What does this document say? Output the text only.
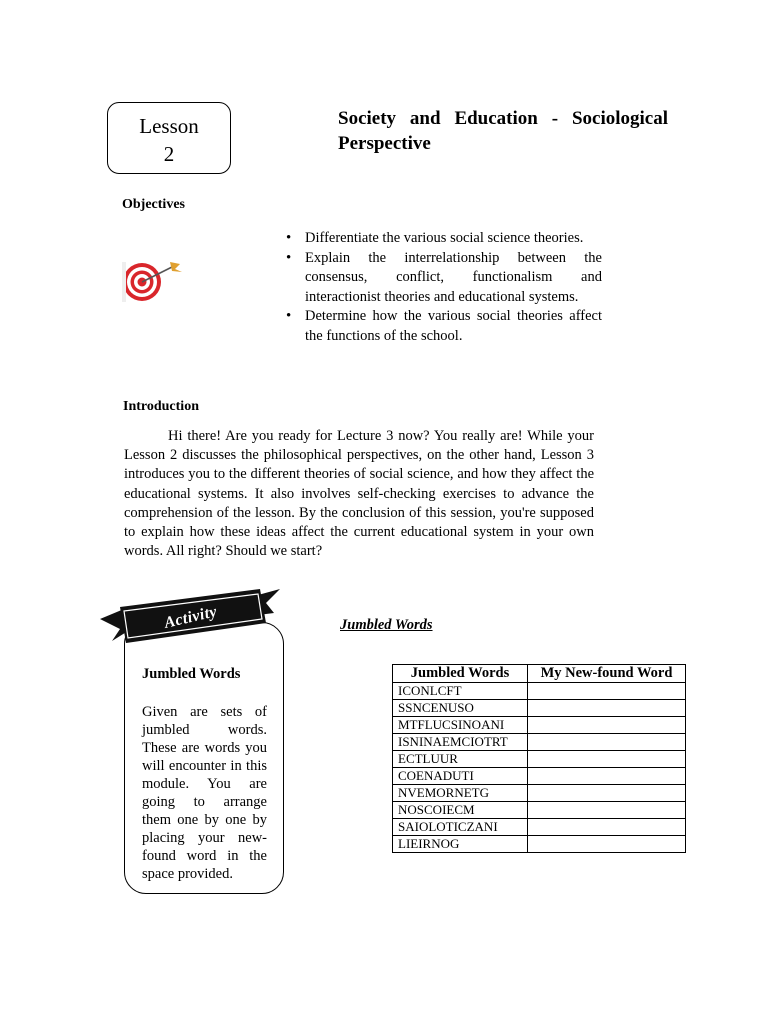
Lesson
2
Society and Education - Sociological Perspective
Objectives
• Differentiate the various social science theories.
• Explain the interrelationship between the consensus, conflict, functionalism and interactionist theories and educational systems.
• Determine how the various social theories affect the functions of the school.
Introduction

Hi there! Are you ready for Lecture 3 now? You really are! While your Lesson 2 discusses the philosophical perspectives, on the other hand, Lesson 3 introduces you to the different theories of social science, and how they affect the educational systems. It also involves self-checking exercises to advance the comprehension of the lesson. By the conclusion of this session, you're supposed to explain how these ideas affect the current educational system in your own words. All right? Should we start?

Activity
Jumbled Words

Given are sets of jumbled words. These are words you will encounter in this module. You are going to arrange them one by one by placing your new-found word in the space provided.

Jumbled Words
Jumbled Words	My New-found Word
ICONLCFT	
SSNCENUSO	
MTFLUCSINOANI	
ISNINAEMCIOTRT	
ECTLUUR	
COENADUTI	
NVEMORNETG	
NOSCOIECM	
SAIOLOTICZANI	
LIEIRNOG	
